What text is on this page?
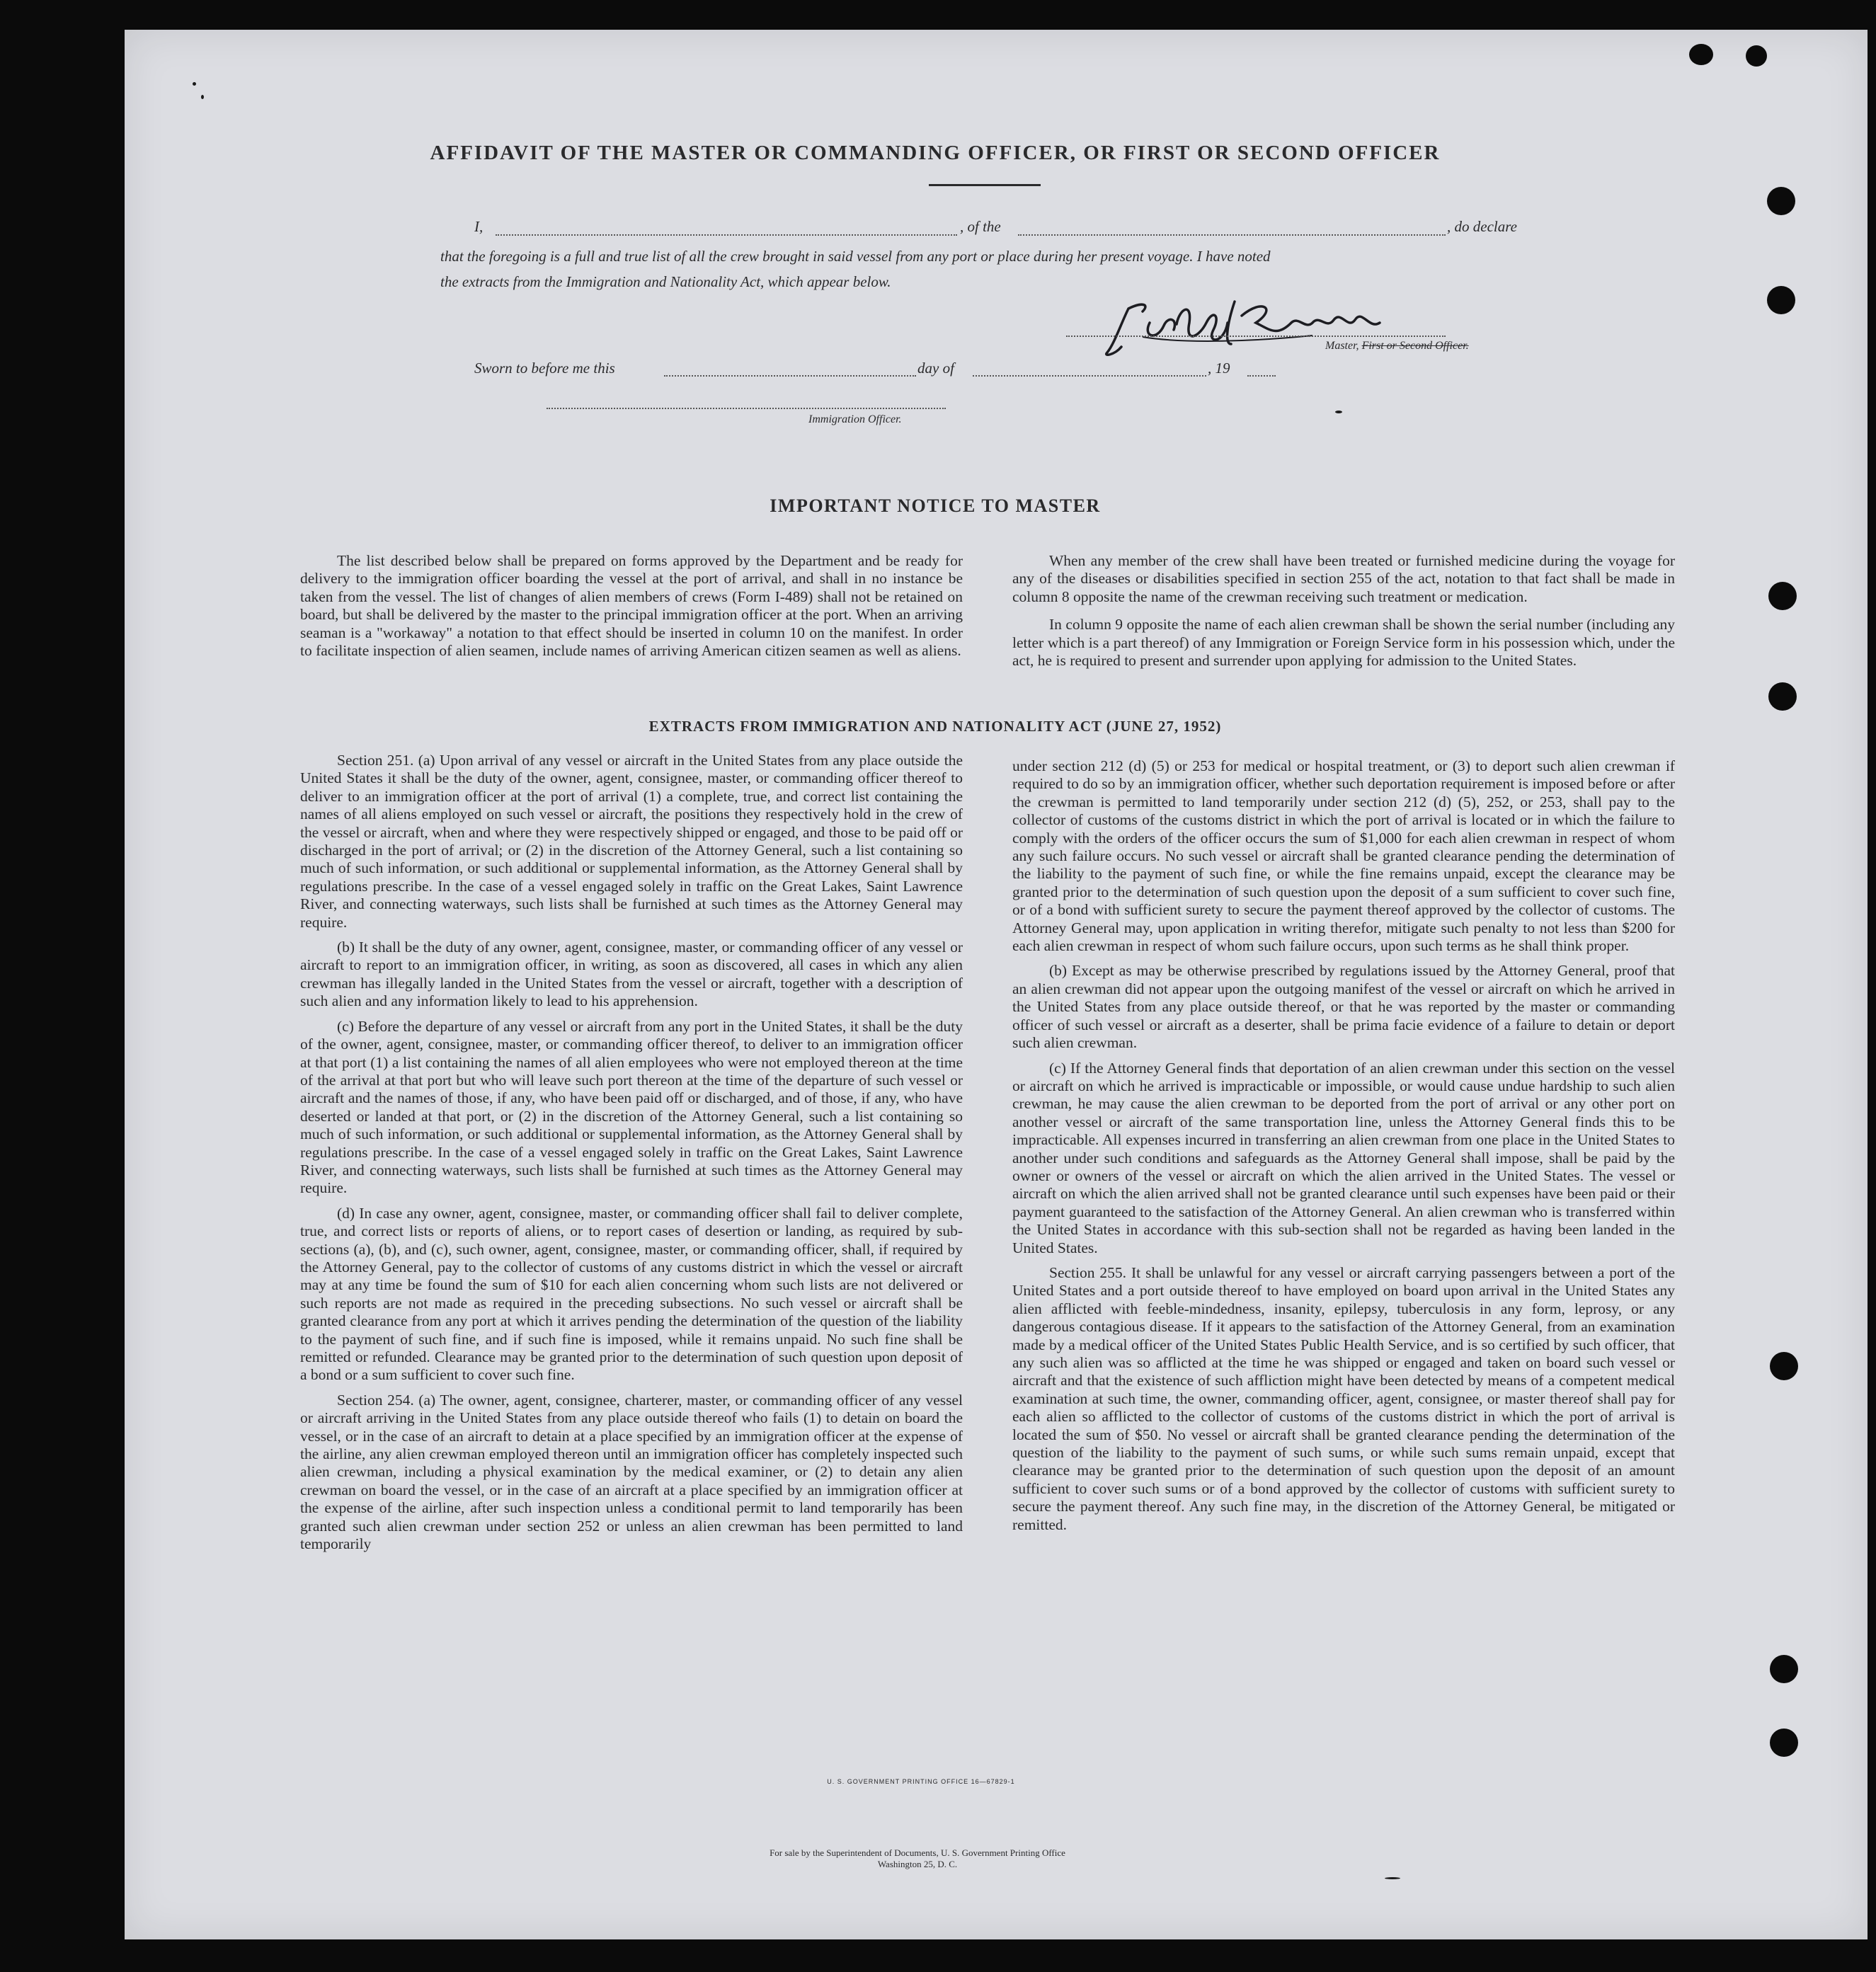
AFFIDAVIT OF THE MASTER OR COMMANDING OFFICER, OR FIRST OR SECOND OFFICER
I,	, of the	, do declare
that the foregoing is a full and true list of all the crew brought in said vessel from any port or place during her present voyage. I have noted
the extracts from the Immigration and Nationality Act, which appear below.
Master, First or Second Officer.
Sworn to before me this	day of	, 19
Immigration Officer.
IMPORTANT NOTICE TO MASTER

The list described below shall be prepared on forms approved by the Department and be ready for delivery to the immigration officer boarding the vessel at the port of arrival, and shall in no instance be taken from the vessel. The list of changes of alien members of crews (Form I-489) shall not be retained on board, but shall be delivered by the master to the principal immigration officer at the port. When an arriving seaman is a "workaway" a notation to that effect should be inserted in column 10 on the manifest. In order to facilitate inspection of alien seamen, include names of arriving American citizen seamen as well as aliens.

When any member of the crew shall have been treated or furnished medicine during the voyage for any of the diseases or disabilities specified in section 255 of the act, notation to that fact shall be made in column 8 opposite the name of the crewman receiving such treatment or medication.

In column 9 opposite the name of each alien crewman shall be shown the serial number (including any letter which is a part thereof) of any Immigration or Foreign Service form in his possession which, under the act, he is required to present and surrender upon applying for admission to the United States.

EXTRACTS FROM IMMIGRATION AND NATIONALITY ACT (JUNE 27, 1952)

Section 251. (a) Upon arrival of any vessel or aircraft in the United States from any place outside the United States it shall be the duty of the owner, agent, consignee, master, or commanding officer thereof to deliver to an immigration officer at the port of arrival (1) a complete, true, and correct list containing the names of all aliens employed on such vessel or aircraft, the positions they respectively hold in the crew of the vessel or aircraft, when and where they were respectively shipped or engaged, and those to be paid off or discharged in the port of arrival; or (2) in the discretion of the Attorney General, such a list containing so much of such information, or such additional or supplemental information, as the Attorney General shall by regulations prescribe. In the case of a vessel engaged solely in traffic on the Great Lakes, Saint Lawrence River, and connecting waterways, such lists shall be furnished at such times as the Attorney General may require.

(b) It shall be the duty of any owner, agent, consignee, master, or commanding officer of any vessel or aircraft to report to an immigration officer, in writing, as soon as discovered, all cases in which any alien crewman has illegally landed in the United States from the vessel or aircraft, together with a description of such alien and any information likely to lead to his apprehension.

(c) Before the departure of any vessel or aircraft from any port in the United States, it shall be the duty of the owner, agent, consignee, master, or commanding officer thereof, to deliver to an immigration officer at that port (1) a list containing the names of all alien employees who were not employed thereon at the time of the arrival at that port but who will leave such port thereon at the time of the departure of such vessel or aircraft and the names of those, if any, who have been paid off or discharged, and of those, if any, who have deserted or landed at that port, or (2) in the discretion of the Attorney General, such a list containing so much of such information, or such additional or supplemental information, as the Attorney General shall by regulations prescribe. In the case of a vessel engaged solely in traffic on the Great Lakes, Saint Lawrence River, and connecting waterways, such lists shall be furnished at such times as the Attorney General may require.

(d) In case any owner, agent, consignee, master, or commanding officer shall fail to deliver complete, true, and correct lists or reports of aliens, or to report cases of desertion or landing, as required by sub-sections (a), (b), and (c), such owner, agent, consignee, master, or commanding officer, shall, if required by the Attorney General, pay to the collector of customs of any customs district in which the vessel or aircraft may at any time be found the sum of $10 for each alien concerning whom such lists are not delivered or such reports are not made as required in the preceding subsections. No such vessel or aircraft shall be granted clearance from any port at which it arrives pending the determination of the question of the liability to the payment of such fine, and if such fine is imposed, while it remains unpaid. No such fine shall be remitted or refunded. Clearance may be granted prior to the determination of such question upon deposit of a bond or a sum sufficient to cover such fine.

Section 254. (a) The owner, agent, consignee, charterer, master, or commanding officer of any vessel or aircraft arriving in the United States from any place outside thereof who fails (1) to detain on board the vessel, or in the case of an aircraft to detain at a place specified by an immigration officer at the expense of the airline, any alien crewman employed thereon until an immigration officer has completely inspected such alien crewman, including a physical examination by the medical examiner, or (2) to detain any alien crewman on board the vessel, or in the case of an aircraft at a place specified by an immigration officer at the expense of the airline, after such inspection unless a conditional permit to land temporarily has been granted such alien crewman under section 252 or unless an alien crewman has been permitted to land temporarily

under section 212 (d) (5) or 253 for medical or hospital treatment, or (3) to deport such alien crewman if required to do so by an immigration officer, whether such deportation requirement is imposed before or after the crewman is permitted to land temporarily under section 212 (d) (5), 252, or 253, shall pay to the collector of customs of the customs district in which the port of arrival is located or in which the failure to comply with the orders of the officer occurs the sum of $1,000 for each alien crewman in respect of whom any such failure occurs. No such vessel or aircraft shall be granted clearance pending the determination of the liability to the payment of such fine, or while the fine remains unpaid, except the clearance may be granted prior to the determination of such question upon the deposit of a sum sufficient to cover such fine, or of a bond with sufficient surety to secure the payment thereof approved by the collector of customs. The Attorney General may, upon application in writing therefor, mitigate such penalty to not less than $200 for each alien crewman in respect of whom such failure occurs, upon such terms as he shall think proper.

(b) Except as may be otherwise prescribed by regulations issued by the Attorney General, proof that an alien crewman did not appear upon the outgoing manifest of the vessel or aircraft on which he arrived in the United States from any place outside thereof, or that he was reported by the master or commanding officer of such vessel or aircraft as a deserter, shall be prima facie evidence of a failure to detain or deport such alien crewman.

(c) If the Attorney General finds that deportation of an alien crewman under this section on the vessel or aircraft on which he arrived is impracticable or impossible, or would cause undue hardship to such alien crewman, he may cause the alien crewman to be deported from the port of arrival or any other port on another vessel or aircraft of the same transportation line, unless the Attorney General finds this to be impracticable. All expenses incurred in transferring an alien crewman from one place in the United States to another under such conditions and safeguards as the Attorney General shall impose, shall be paid by the owner or owners of the vessel or aircraft on which the alien arrived in the United States. The vessel or aircraft on which the alien arrived shall not be granted clearance until such expenses have been paid or their payment guaranteed to the satisfaction of the Attorney General. An alien crewman who is transferred within the United States in accordance with this sub-section shall not be regarded as having been landed in the United States.

Section 255. It shall be unlawful for any vessel or aircraft carrying passengers between a port of the United States and a port outside thereof to have employed on board upon arrival in the United States any alien afflicted with feeble-mindedness, insanity, epilepsy, tuberculosis in any form, leprosy, or any dangerous contagious disease. If it appears to the satisfaction of the Attorney General, from an examination made by a medical officer of the United States Public Health Service, and is so certified by such officer, that any such alien was so afflicted at the time he was shipped or engaged and taken on board such vessel or aircraft and that the existence of such affliction might have been detected by means of a competent medical examination at such time, the owner, commanding officer, agent, consignee, or master thereof shall pay for each alien so afflicted to the collector of customs of the customs district in which the port of arrival is located the sum of $50. No vessel or aircraft shall be granted clearance pending the determination of the question of the liability to the payment of such sums, or while such sums remain unpaid, except that clearance may be granted prior to the determination of such question upon the deposit of an amount sufficient to cover such sums or of a bond approved by the collector of customs with sufficient surety to secure the payment thereof. Any such fine may, in the discretion of the Attorney General, be mitigated or remitted.

U. S. GOVERNMENT PRINTING OFFICE 16—67829-1
For sale by the Superintendent of Documents, U. S. Government Printing Office
Washington 25, D. C.
